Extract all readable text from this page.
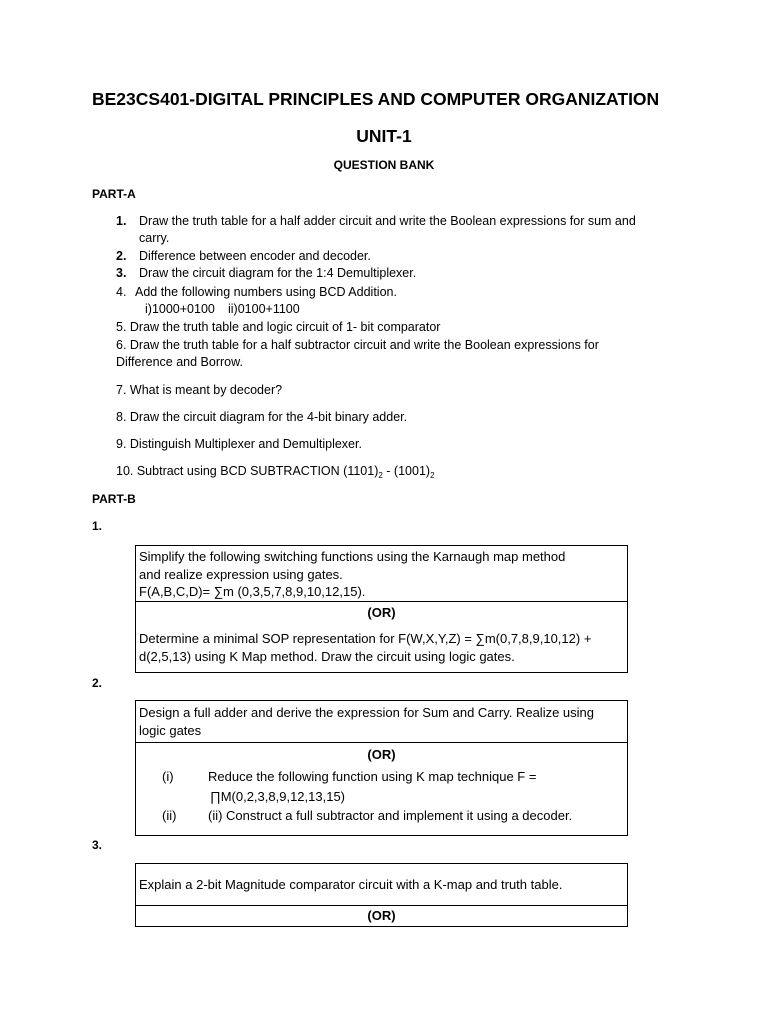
BE23CS401-DIGITAL PRINCIPLES AND COMPUTER ORGANIZATION
UNIT-1
QUESTION BANK
PART-A
1. Draw the truth table for a half adder circuit and write the Boolean expressions for sum and
carry.
2. Difference between encoder and decoder.
3. Draw the circuit diagram for the 1:4 Demultiplexer.
4. Add the following numbers using BCD Addition.
i)1000+0100 ii)0100+1100
5. Draw the truth table and logic circuit of 1- bit comparator
6. Draw the truth table for a half subtractor circuit and write the Boolean expressions for
Difference and Borrow.
7. What is meant by decoder?
8. Draw the circuit diagram for the 4-bit binary adder.
9. Distinguish Multiplexer and Demultiplexer.
10. Subtract using BCD SUBTRACTION $(1101)_2 - (1001)_2$
PART-B
1.
Simplify the following switching functions using the Karnaugh map method
and realize expression using gates.
F(A,B,C,D)= ∑m (0,3,5,7,8,9,10,12,15).
(OR)
Determine a minimal SOP representation for F(W,X,Y,Z) = ∑m(0,7,8,9,10,12) +
d(2,5,13) using K Map method. Draw the circuit using logic gates.
2.
Design a full adder and derive the expression for Sum and Carry. Realize using
logic gates
(OR)
(i)	Reduce the following function using K map technique F =
∏M(0,2,3,8,9,12,13,15)
(ii) (ii) Construct a full subtractor and implement it using a decoder.
3.
Explain a 2-bit Magnitude comparator circuit with a K-map and truth table.
(OR)
